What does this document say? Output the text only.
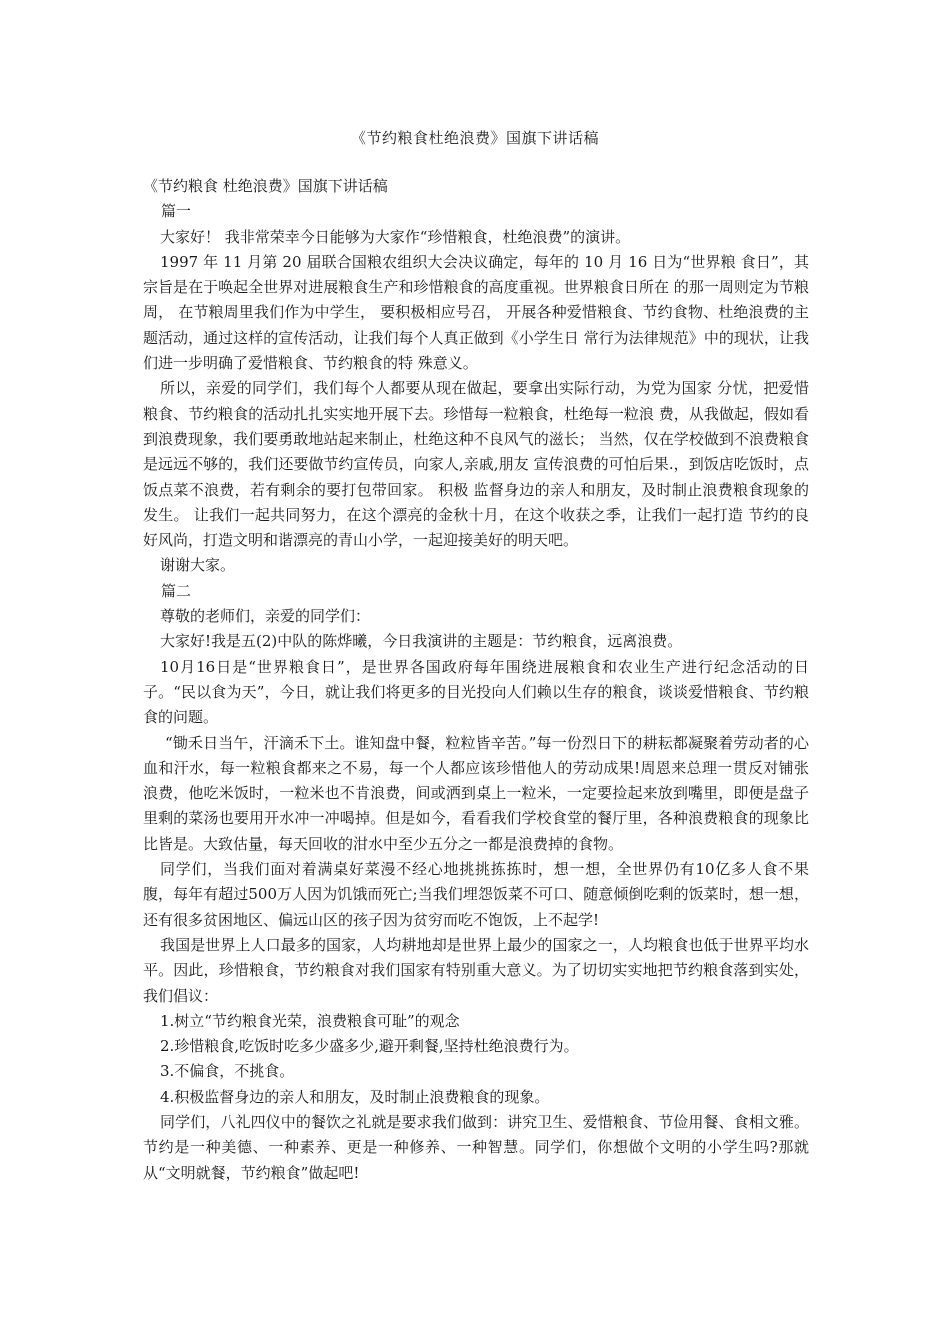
《节约粮食杜绝浪费》国旗下讲话稿

《节约粮食 杜绝浪费》国旗下讲话稿

篇一

大家好！ 我非常荣幸今日能够为大家作“珍惜粮食，杜绝浪费”的演讲。

1997 年 11 月第 20 届联合国粮农组织大会决议确定，每年的 10 月 16 日为“世界粮 食日”，其宗旨是在于唤起全世界对进展粮食生产和珍惜粮食的高度重视。世界粮食日所在 的那一周则定为节粮周， 在节粮周里我们作为中学生， 要积极相应号召， 开展各种爱惜粮食、节约食物、杜绝浪费的主题活动，通过这样的宣传活动，让我们每个人真正做到《小学生日 常行为法律规范》中的现状，让我们进一步明确了爱惜粮食、节约粮食的特 殊意义。

所以，亲爱的同学们，我们每个人都要从现在做起，要拿出实际行动，为党为国家 分忧，把爱惜粮食、节约粮食的活动扎扎实实地开展下去。珍惜每一粒粮食，杜绝每一粒浪 费，从我做起，假如看到浪费现象，我们要勇敢地站起来制止，杜绝这种不良风气的滋长； 当然，仅在学校做到不浪费粮食是远远不够的，我们还要做节约宣传员，向家人,亲戚,朋友 宣传浪费的可怕后果.，到饭店吃饭时，点饭点菜不浪费，若有剩余的要打包带回家。 积极 监督身边的亲人和朋友，及时制止浪费粮食现象的发生。 让我们一起共同努力，在这个漂亮的金秋十月，在这个收获之季，让我们一起打造 节约的良好风尚，打造文明和谐漂亮的青山小学，一起迎接美好的明天吧。

谢谢大家。

篇二

尊敬的老师们，亲爱的同学们：

大家好!我是五(2)中队的陈烨曦，今日我演讲的主题是：节约粮食，远离浪费。

10月16日是“世界粮食日”，是世界各国政府每年围绕进展粮食和农业生产进行纪念活动的日子。“民以食为天”，今日，就让我们将更多的目光投向人们赖以生存的粮食，谈谈爱惜粮食、节约粮食的问题。

“锄禾日当午，汗滴禾下土。谁知盘中餐，粒粒皆辛苦。”每一份烈日下的耕耘都凝聚着劳动者的心血和汗水，每一粒粮食都来之不易，每一个人都应该珍惜他人的劳动成果!周恩来总理一贯反对铺张浪费，他吃米饭时，一粒米也不肯浪费，间或洒到桌上一粒米，一定要捡起来放到嘴里，即便是盘子里剩的菜汤也要用开水冲一冲喝掉。但是如今，看看我们学校食堂的餐厅里，各种浪费粮食的现象比比皆是。大致估量，每天回收的泔水中至少五分之一都是浪费掉的食物。

同学们，当我们面对着满桌好菜漫不经心地挑挑拣拣时，想一想，全世界仍有10亿多人食不果腹，每年有超过500万人因为饥饿而死亡;当我们埋怨饭菜不可口、随意倾倒吃剩的饭菜时，想一想，还有很多贫困地区、偏远山区的孩子因为贫穷而吃不饱饭，上不起学!

我国是世界上人口最多的国家，人均耕地却是世界上最少的国家之一，人均粮食也低于世界平均水平。因此，珍惜粮食，节约粮食对我们国家有特别重大意义。为了切切实实地把节约粮食落到实处，我们倡议：

1.树立“节约粮食光荣，浪费粮食可耻”的观念

2.珍惜粮食,吃饭时吃多少盛多少,避开剩餐,坚持杜绝浪费行为。

3.不偏食，不挑食。

4.积极监督身边的亲人和朋友，及时制止浪费粮食的现象。

同学们，八礼四仪中的餐饮之礼就是要求我们做到：讲究卫生、爱惜粮食、节俭用餐、食相文雅。节约是一种美德、一种素养、更是一种修养、一种智慧。同学们，你想做个文明的小学生吗?那就从“文明就餐，节约粮食”做起吧!
